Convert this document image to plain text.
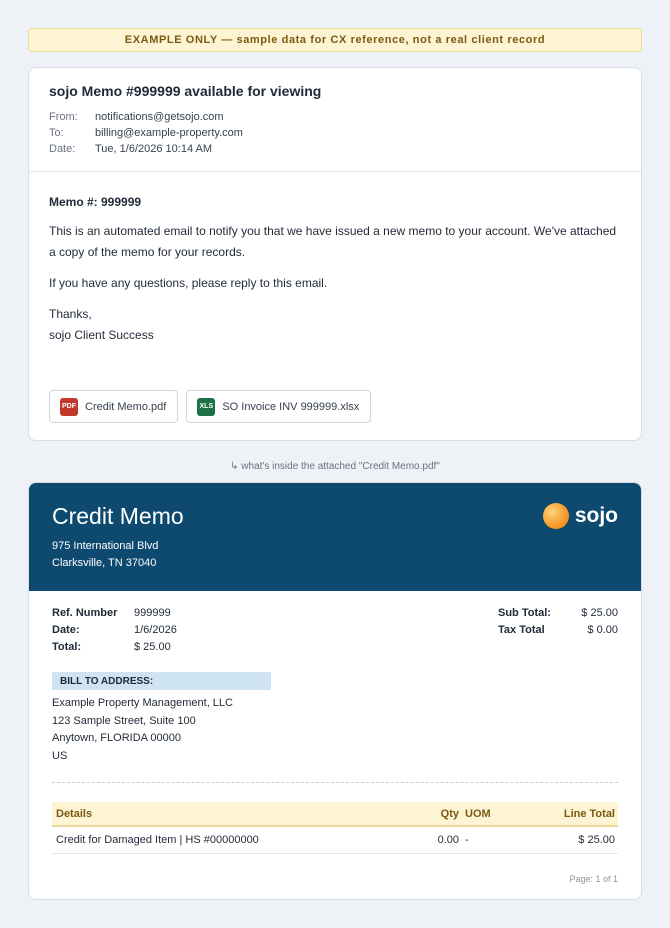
EXAMPLE ONLY — sample data for CX reference, not a real client record
sojo Memo #999999 available for viewing
From:	notifications@getsojo.com
To:	billing@example-property.com
Date:	Tue, 1/6/2026 10:14 AM
Memo #: 999999
This is an automated email to notify you that we have issued a new memo to your account. We've attached a copy of the memo for your records.
If you have any questions, please reply to this email.
Thanks,
sojo Client Success
PDF Credit Memo.pdf	XLS SO Invoice INV 999999.xlsx
↳ what's inside the attached "Credit Memo.pdf"
Credit Memo
975 International Blvd
Clarksville, TN 37040
sojo
Ref. Number	999999
Date:	1/6/2026
Total:	$ 25.00
Sub Total:	$ 25.00
Tax Total	$ 0.00
BILL TO ADDRESS:
Example Property Management, LLC
123 Sample Street, Suite 100
Anytown, FLORIDA 00000
US
Details	Qty UOM	Line Total
Credit for Damaged Item | HS #00000000	0.00 -	$ 25.00
Page: 1 of 1
